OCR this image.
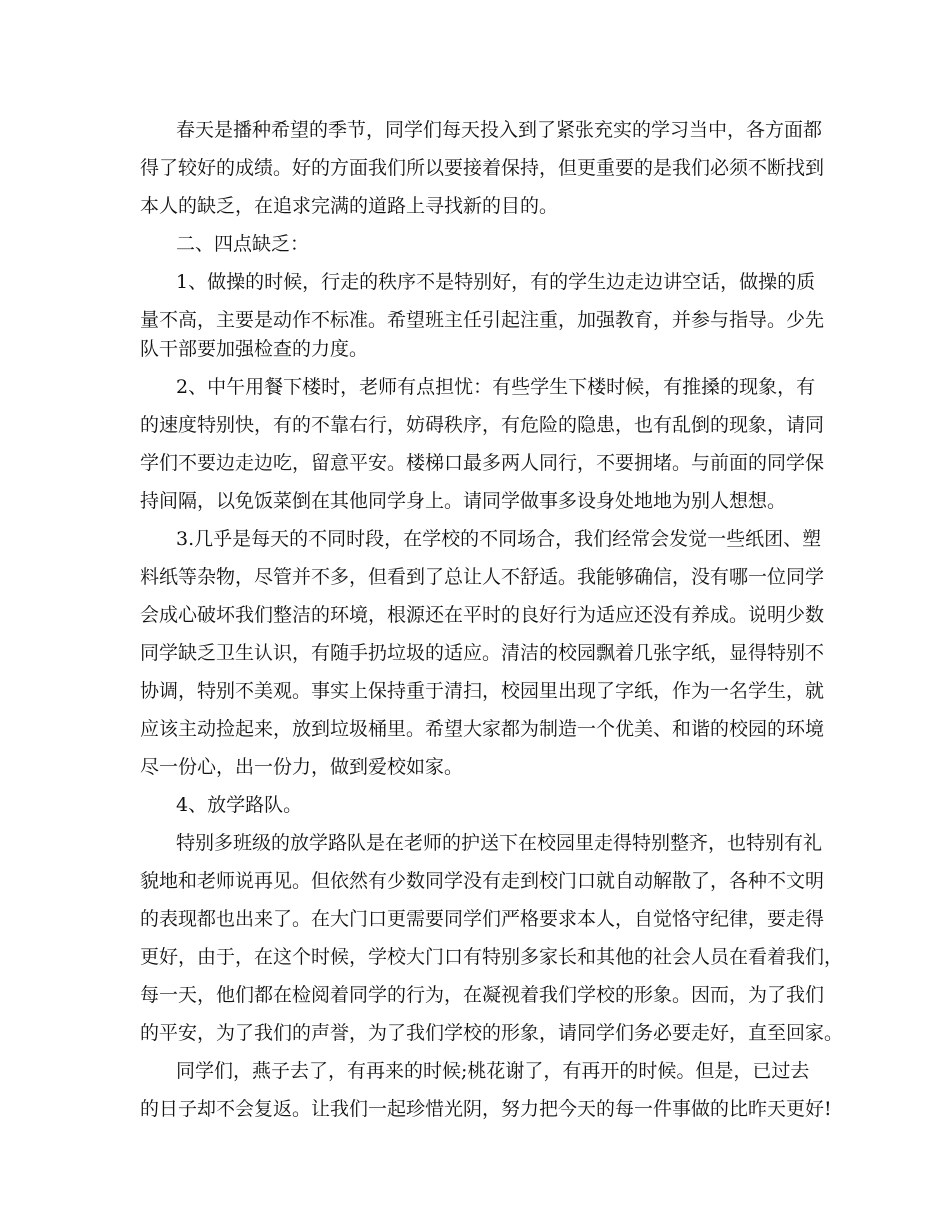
春天是播种希望的季节，同学们每天投入到了紧张充实的学习当中，各方面都

得了较好的成绩。好的方面我们所以要接着保持，但更重要的是我们必须不断找到

本人的缺乏，在追求完满的道路上寻找新的目的。

二、四点缺乏：

1、做操的时候，行走的秩序不是特别好，有的学生边走边讲空话，做操的质

量不高，主要是动作不标准。希望班主任引起注重，加强教育，并参与指导。少先

队干部要加强检查的力度。

2、中午用餐下楼时，老师有点担忧：有些学生下楼时候，有推搡的现象，有

的速度特别快，有的不靠右行，妨碍秩序，有危险的隐患，也有乱倒的现象，请同

学们不要边走边吃，留意平安。楼梯口最多两人同行，不要拥堵。与前面的同学保

持间隔，以免饭菜倒在其他同学身上。请同学做事多设身处地地为别人想想。

3.几乎是每天的不同时段，在学校的不同场合，我们经常会发觉一些纸团、塑

料纸等杂物，尽管并不多，但看到了总让人不舒适。我能够确信，没有哪一位同学

会成心破坏我们整洁的环境，根源还在平时的良好行为适应还没有养成。说明少数

同学缺乏卫生认识，有随手扔垃圾的适应。清洁的校园飘着几张字纸，显得特别不

协调，特别不美观。事实上保持重于清扫，校园里出现了字纸，作为一名学生，就

应该主动捡起来，放到垃圾桶里。希望大家都为制造一个优美、和谐的校园的环境

尽一份心，出一份力，做到爱校如家。

4、放学路队。

特别多班级的放学路队是在老师的护送下在校园里走得特别整齐，也特别有礼

貌地和老师说再见。但依然有少数同学没有走到校门口就自动解散了，各种不文明

的表现都也出来了。在大门口更需要同学们严格要求本人，自觉恪守纪律，要走得

更好，由于，在这个时候，学校大门口有特别多家长和其他的社会人员在看着我们，

每一天，他们都在检阅着同学的行为，在凝视着我们学校的形象。因而，为了我们

的平安，为了我们的声誉，为了我们学校的形象，请同学们务必要走好，直至回家。

同学们，燕子去了，有再来的时候;桃花谢了，有再开的时候。但是，已过去

的日子却不会复返。让我们一起珍惜光阴，努力把今天的每一件事做的比昨天更好!
